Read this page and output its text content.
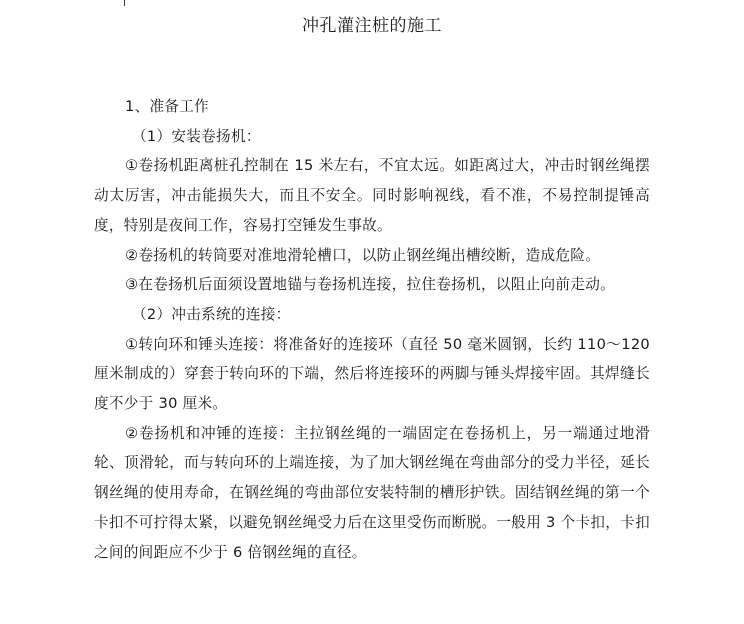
冲孔灌注桩的施工

1、准备工作

（1）安装卷扬机：

①卷扬机距离桩孔控制在 15 米左右，不宜太远。如距离过大，冲击时钢丝绳摆动太厉害，冲击能损失大，而且不安全。同时影响视线，看不准，不易控制提锤高度，特别是夜间工作，容易打空锤发生事故。

②卷扬机的转筒要对准地滑轮槽口，以防止钢丝绳出槽绞断，造成危险。

③在卷扬机后面须设置地锚与卷扬机连接，拉住卷扬机，以阻止向前走动。

（2）冲击系统的连接：

①转向环和锤头连接：将准备好的连接环（直径 50 毫米圆钢，长约 110～120 厘米制成的）穿套于转向环的下端，然后将连接环的两脚与锤头焊接牢固。其焊缝长度不少于 30 厘米。

②卷扬机和冲锤的连接：主拉钢丝绳的一端固定在卷扬机上，另一端通过地滑轮、顶滑轮，而与转向环的上端连接，为了加大钢丝绳在弯曲部分的受力半径，延长钢丝绳的使用寿命，在钢丝绳的弯曲部位安装特制的槽形护铁。固结钢丝绳的第一个卡扣不可拧得太紧，以避免钢丝绳受力后在这里受伤而断脱。一般用 3 个卡扣，卡扣之间的间距应不少于 6 倍钢丝绳的直径。
